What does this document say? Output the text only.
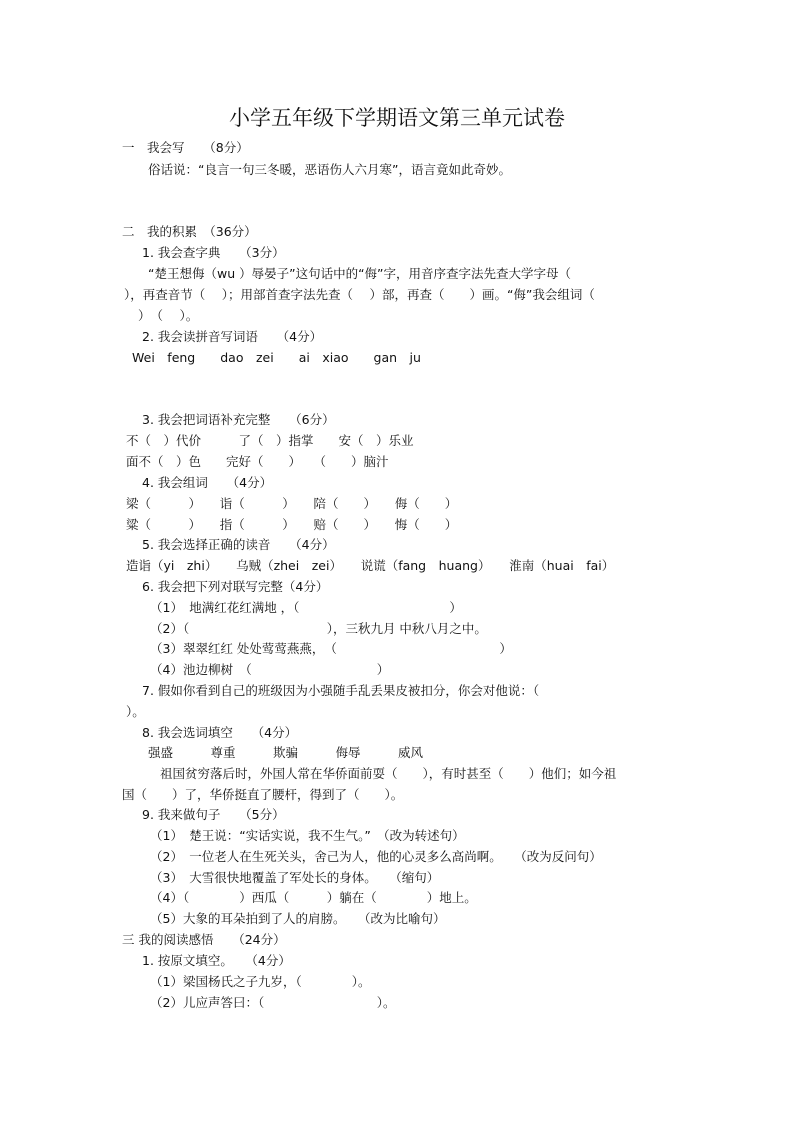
小学五年级下学期语文第三单元试卷
一　我会写　　（8分）
俗话说：“良言一句三冬暖，恶语伤人六月寒”，语言竟如此奇妙。
二　我的积累　（36分）
1. 我会查字典　　（3分）
“楚王想侮（wu ）辱晏子”这句话中的“侮”字，用音序查字法先查大学字母（
），再查音节（　 ）；用部首查字法先查（　 ）部，再查（　　）画。“侮”我会组词（
）　（　 ）。
2. 我会读拼音写词语　　（4分）
Wei　feng　　dao　zei　　ai　xiao　　gan　ju
3. 我会把词语补充完整　　（6分）
不（　）代价　　　了（　）指掌　　安（　）乐业
面不（　）色　　完好（　　）　　（　　）脑汁
4. 我会组词　　（4分）
梁（　　　）　　诣（　　　）　　陪（　　）　　侮（　　）
粱（　　　）　　指（　　　）　　赔（　　）　　悔（　　）
5. 我会选择正确的读音　　（4分）
造诣（yi　zhi）　　乌贼（zhei　zei）　　说谎（fang　huang）　　淮南（huai　fai）
6. 我会把下列对联写完整（4分）
（1）　地满红花红满地 ，（　　　　　　　　　　　　）
（2）（　　　　　　　　　　　），三秋九月 中秋八月之中。
（3）翠翠红红 处处莺莺燕燕，　（　　　　　　　　　　　　　）
（4）池边柳树　（　　　　　　　　　　）
7. 假如你看到自己的班级因为小强随手乱丢果皮被扣分，你会对他说：（
）。
8. 我会选词填空　　（4分）
强盛　　　尊重　　　欺骗　　　侮辱　　　威风
祖国贫穷落后时，外国人常在华侨面前耍（　　），有时甚至（　　）他们；如今祖
国（　　）了，华侨挺直了腰杆，得到了（　　）。
9. 我来做句子　　（5分）
（1）　楚王说：“实话实说，我不生气。”　（改为转述句）
（2）　一位老人在生死关头，舍己为人，他的心灵多么高尚啊。　　（改为反问句）
（3）　大雪很快地覆盖了军处长的身体。　　（缩句）
（4）（　　　　）西瓜（　　　）躺在（　　　　）地上。
（5）大象的耳朵拍到了人的肩膀。　　（改为比喻句）
三 我的阅读感悟　　（24分）
1. 按原文填空。　　（4分）
（1）梁国杨氏之子九岁，（　　　　）。
（2）儿应声答曰：（　　　　　　　　　）。
